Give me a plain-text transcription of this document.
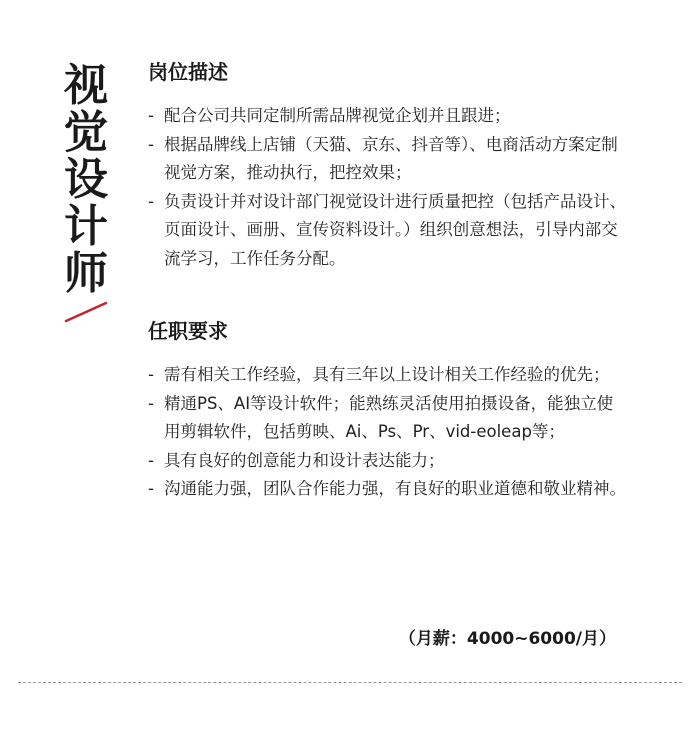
视
觉
设
计
师
岗位描述
- 配合公司共同定制所需品牌视觉企划并且跟进；
- 根据品牌线上店铺（天猫、京东、抖音等）、电商活动方案定制视觉方案，推动执行，把控效果；
- 负责设计并对设计部门视觉设计进行质量把控（包括产品设计、页面设计、画册、宣传资料设计。）组织创意想法，引导内部交流学习，工作任务分配。
任职要求
- 需有相关工作经验，具有三年以上设计相关工作经验的优先；
- 精通PS、AI等设计软件；能熟练灵活使用拍摄设备，能独立使用剪辑软件，包括剪映、Ai、Ps、Pr、vid-eoleap等；
- 具有良好的创意能力和设计表达能力；
- 沟通能力强，团队合作能力强，有良好的职业道德和敬业精神。
（月薪：4000~6000/月）
